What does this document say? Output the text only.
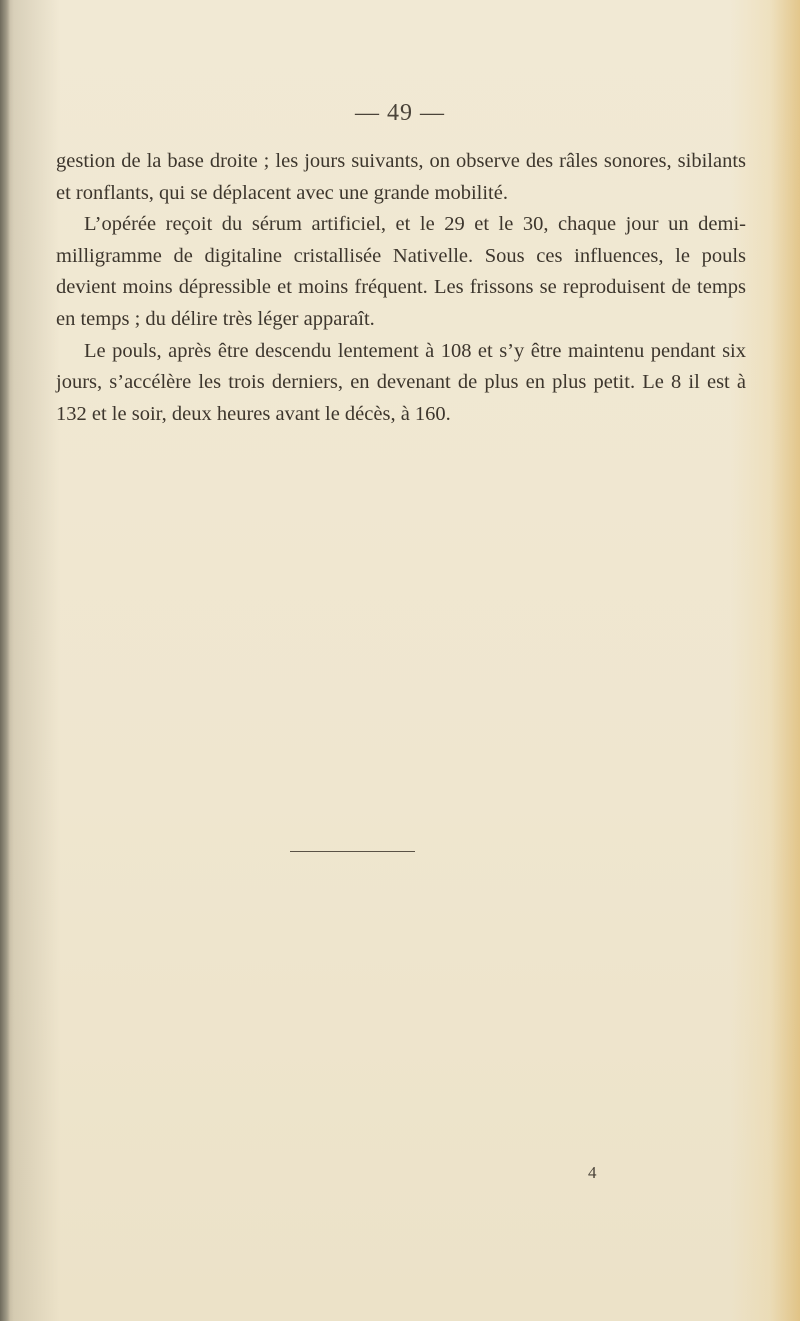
— 49 —

gestion de la base droite ; les jours suivants, on observe des râles sonores, sibilants et ronflants, qui se déplacent avec une grande mobilité.

L’opérée reçoit du sérum artificiel, et le 29 et le 30, chaque jour un demi-milligramme de digitaline cristallisée Nativelle. Sous ces influences, le pouls devient moins dépressible et moins fréquent. Les frissons se reproduisent de temps en temps ; du délire très léger apparaît.

Le pouls, après être descendu lentement à 108 et s’y être maintenu pendant six jours, s’accélère les trois derniers, en devenant de plus en plus petit. Le 8 il est à 132 et le soir, deux heures avant le décès, à 160.

4
